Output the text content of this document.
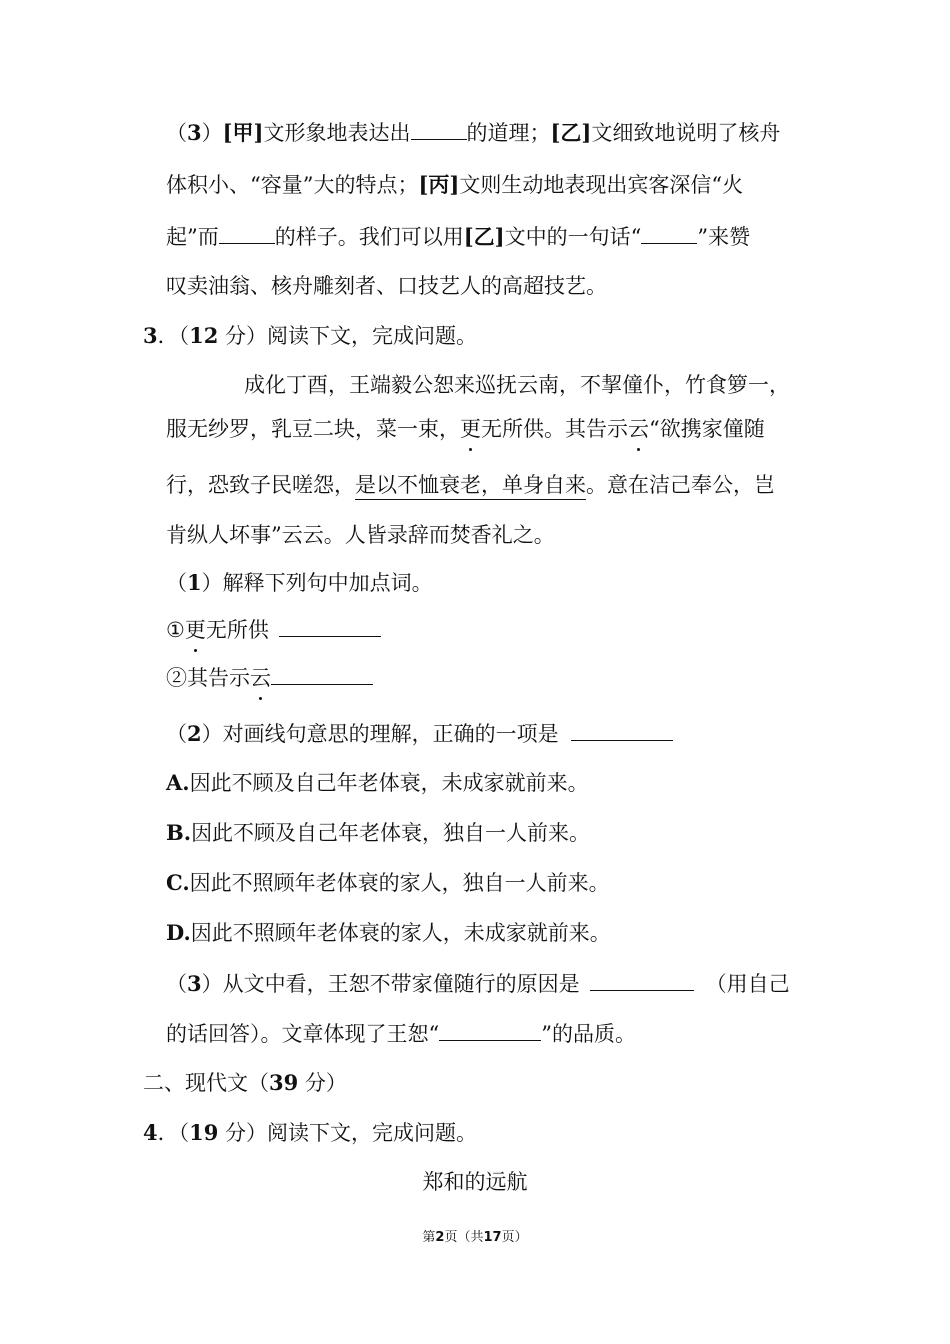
（3）[甲]文形象地表达出	的道理；[乙]文细致地说明了核舟
体积小、“容量”大的特点；[丙]文则生动地表现出宾客深信“火
起”而	的样子。我们可以用[乙]文中的一句话“	”来赞
叹卖油翁、核舟雕刻者、口技艺人的高超技艺。
3．（12 分）阅读下文，完成问题。
成化丁酉，王端毅公恕来巡抚云南，不挈僮仆，竹食箩一，
服无纱罗，乳豆二块，菜一束，更无所供。其告示云“欲携家僮随
行，恐致子民嗟怨，是以不恤衰老，单身自来。意在洁己奉公，岂
肯纵人坏事”云云。人皆录辞而焚香礼之。
（1）解释下列句中加点词。
①更无所供
②其告示云
（2）对画线句意思的理解，正确的一项是
A.因此不顾及自己年老体衰，未成家就前来。
B.因此不顾及自己年老体衰，独自一人前来。
C.因此不照顾年老体衰的家人，独自一人前来。
D.因此不照顾年老体衰的家人，未成家就前来。
（3）从文中看，王恕不带家僮随行的原因是	（用自己
的话回答）。文章体现了王恕“	”的品质。
二、现代文（39 分）
4．（19 分）阅读下文，完成问题。
郑和的远航
第2页（共17页）
